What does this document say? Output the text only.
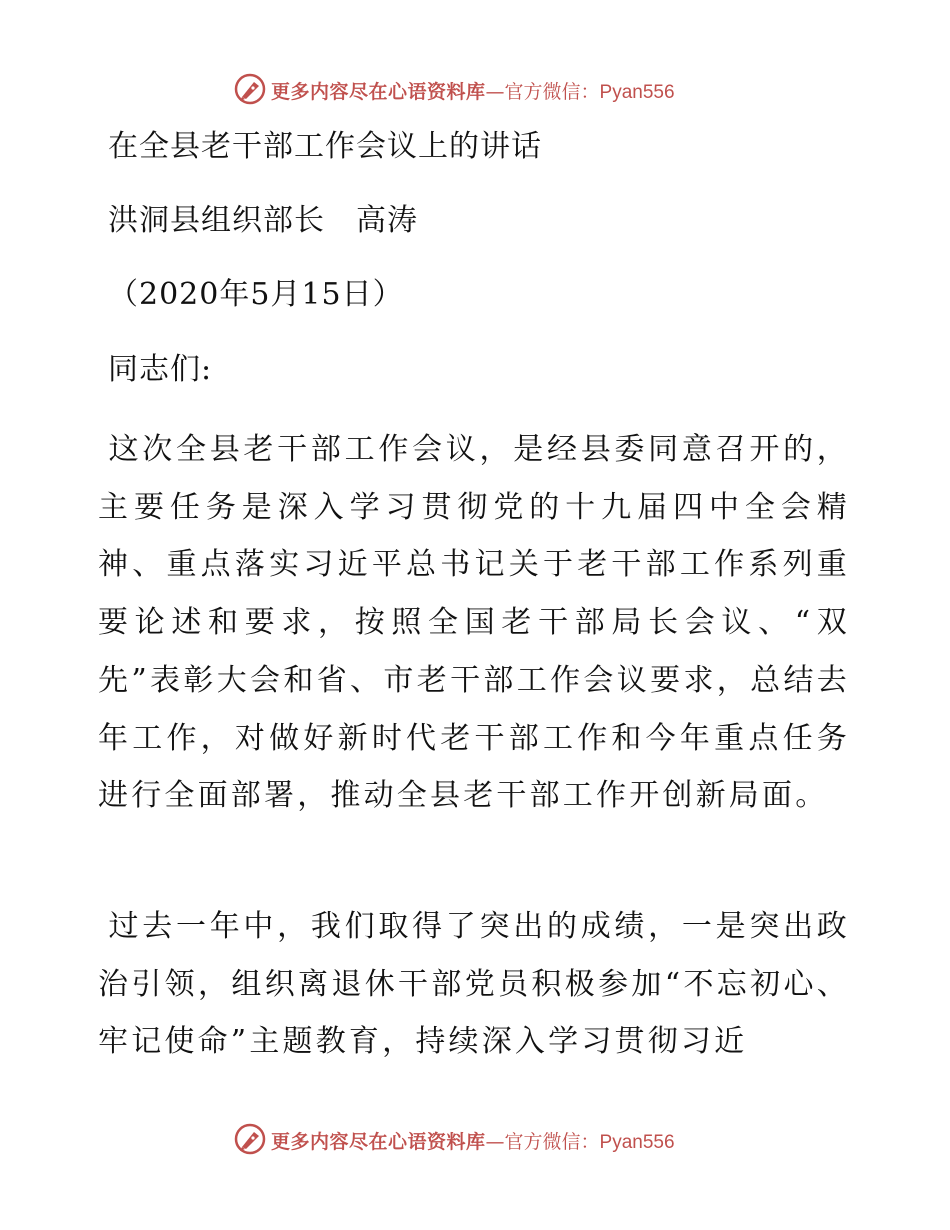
更多内容尽在心语资料库—官方微信：Pyan556
在全县老干部工作会议上的讲话
洪洞县组织部长　高涛
（2020年5月15日）
同志们:
这次全县老干部工作会议，是经县委同意召开的，主要任务是深入学习贯彻党的十九届四中全会精神、重点落实习近平总书记关于老干部工作系列重要论述和要求，按照全国老干部局长会议、“双先”表彰大会和省、市老干部工作会议要求，总结去年工作，对做好新时代老干部工作和今年重点任务进行全面部署，推动全县老干部工作开创新局面。
过去一年中，我们取得了突出的成绩，一是突出政治引领，组织离退休干部党员积极参加“不忘初心、牢记使命”主题教育，持续深入学习贯彻习近
更多内容尽在心语资料库—官方微信：Pyan556
